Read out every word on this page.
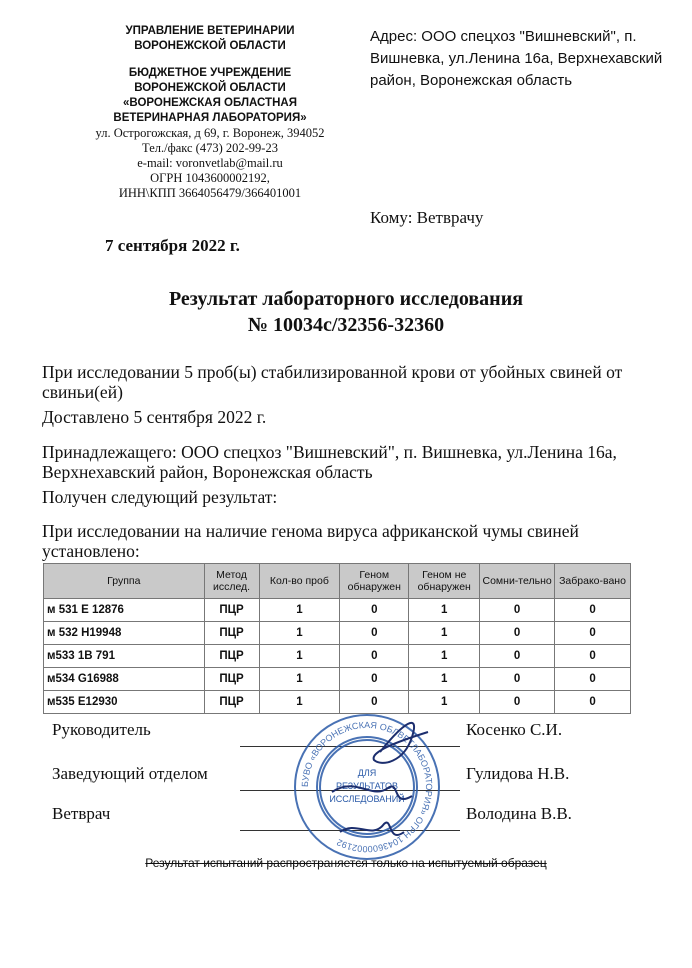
УПРАВЛЕНИЕ ВЕТЕРИНАРИИ
ВОРОНЕЖСКОЙ ОБЛАСТИ
БЮДЖЕТНОЕ УЧРЕЖДЕНИЕ
ВОРОНЕЖСКОЙ ОБЛАСТИ
«ВОРОНЕЖСКАЯ ОБЛАСТНАЯ
ВЕТЕРИНАРНАЯ ЛАБОРАТОРИЯ»
ул. Острогожская, д 69, г. Воронеж, 394052
Тел./факс (473) 202-99-23
e-mail: voronvetlab@mail.ru
ОГРН 1043600002192,
ИНН\КПП 3664056479/366401001
Адрес: ООО спецхоз "Вишневский", п. Вишневка, ул.Ленина 16а, Верхнехавский район, Воронежская область
Кому: Ветврачу
7 сентября 2022 г.
Результат лабораторного исследования
№ 10034с/32356-32360
При исследовании 5 проб(ы) стабилизированной крови от убойных свиней от свиньи(ей)
Доставлено 5 сентября 2022 г.
Принадлежащего: ООО спецхоз "Вишневский", п. Вишневка, ул.Ленина 16а, Верхнехавский район, Воронежская область
Получен следующий результат:
При исследовании на наличие генома вируса африканской чумы свиней установлено:
Группа	Метод исслед.	Кол-во проб	Геном обнаружен	Геном не обнаружен	Сомни-тельно	Забрако-вано
м 531 Е 12876	ПЦР	1	0	1	0	0
м 532 Н19948	ПЦР	1	0	1	0	0
м533 1В 791	ПЦР	1	0	1	0	0
м534 G16988	ПЦР	1	0	1	0	0
м535 Е12930	ПЦР	1	0	1	0	0
Руководитель	Косенко С.И.
Заведующий отделом	Гулидова Н.В.
Ветврач	Володина В.В.
БУВО «ВОРОНЕЖСКАЯ ОБЛВЕТЛАБОРАТОРИЯ» ОГРН 1043600002192
ДЛЯ
РЕЗУЛЬТАТОВ
ИССЛЕДОВАНИЙ
Результат испытаний распространяется только на испытуемый образец
